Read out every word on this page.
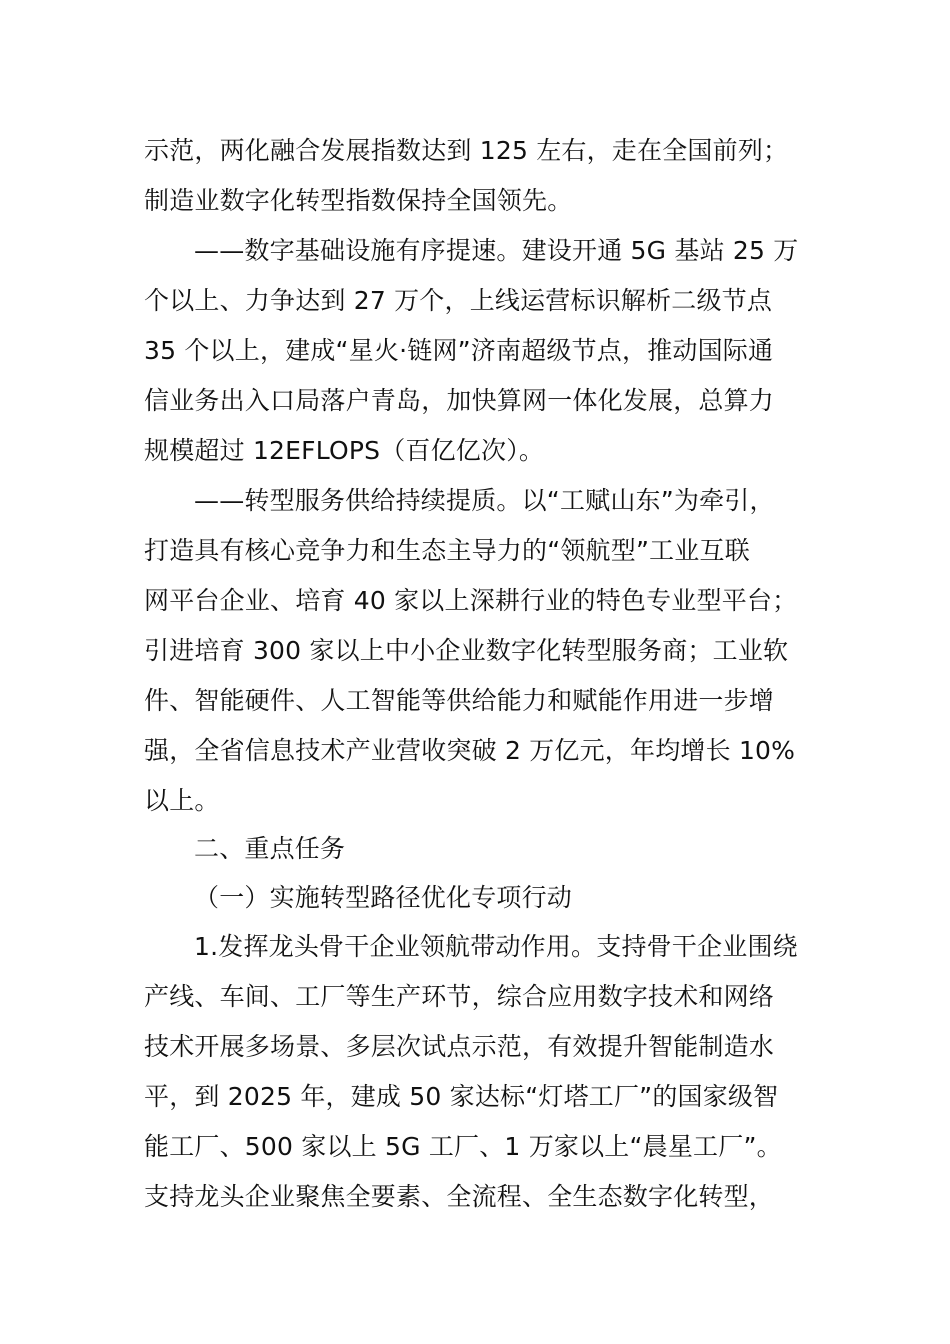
示范，两化融合发展指数达到 125 左右，走在全国前列；
制造业数字化转型指数保持全国领先。
——数字基础设施有序提速。建设开通 5G 基站 25 万
个以上、力争达到 27 万个，上线运营标识解析二级节点
35 个以上，建成“星火·链网”济南超级节点，推动国际通
信业务出入口局落户青岛，加快算网一体化发展，总算力
规模超过 12EFLOPS（百亿亿次）。
——转型服务供给持续提质。以“工赋山东”为牵引，
打造具有核心竞争力和生态主导力的“领航型”工业互联
网平台企业、培育 40 家以上深耕行业的特色专业型平台；
引进培育 300 家以上中小企业数字化转型服务商；工业软
件、智能硬件、人工智能等供给能力和赋能作用进一步增
强，全省信息技术产业营收突破 2 万亿元，年均增长 10%
以上。
二、重点任务
（一）实施转型路径优化专项行动
1.发挥龙头骨干企业领航带动作用。支持骨干企业围绕
产线、车间、工厂等生产环节，综合应用数字技术和网络
技术开展多场景、多层次试点示范，有效提升智能制造水
平，到 2025 年，建成 50 家达标“灯塔工厂”的国家级智
能工厂、500 家以上 5G 工厂、1 万家以上“晨星工厂”。
支持龙头企业聚焦全要素、全流程、全生态数字化转型，
